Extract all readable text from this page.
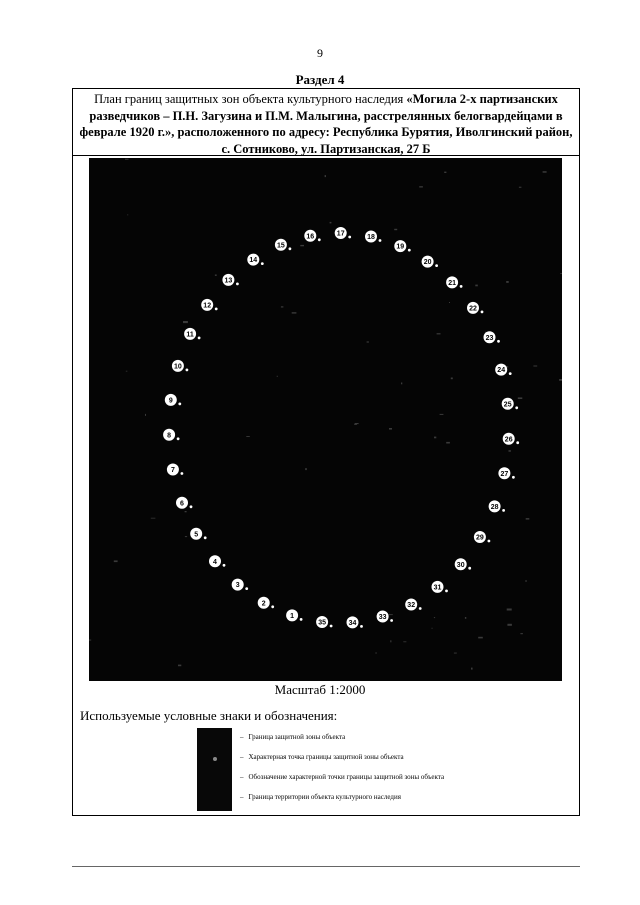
9
Раздел 4
План границ защитных зон объекта культурного наследия «Могила 2-х партизанских разведчиков – П.Н. Загузина и П.М. Малыгина, расстрелянных белогвардейцами в феврале 1920 г.», расположенного по адресу: Республика Бурятия, Иволгинский район, с. Сотниково, ул. Партизанская, 27 Б
1
2
3
4
5
6
7
8
9
10
11
12
13
14
15
16	17	18
19
20
21
22
23
24
25
26
27
28
29
30
31
32
33
34
35
Масштаб 1:2000
Используемые условные знаки и обозначения:
– Граница защитной зоны объекта
– Характерная точка границы защитной зоны объекта
– Обозначение характерной точки границы защитной зоны объекта
– Граница территории объекта культурного наследия
